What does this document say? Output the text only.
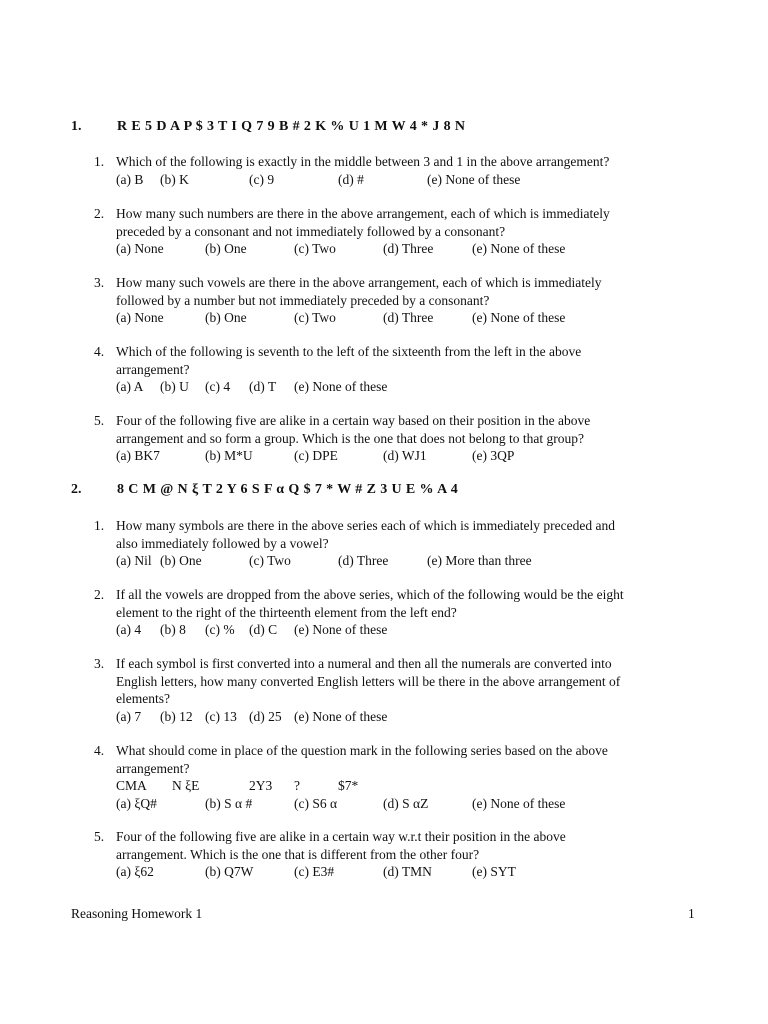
1.	R E 5 D A P $ 3 T I Q 7 9 B # 2 K % U 1 M W 4 * J 8 N
1. Which of the following is exactly in the middle between 3 and 1 in the above arrangement?
(a) B (b) K	(c) 9	(d) #	(e) None of these
2. How many such numbers are there in the above arrangement, each of which is immediately
preceded by a consonant and not immediately followed by a consonant?
(a) None	(b) One	(c) Two	(d) Three	(e) None of these
3. How many such vowels are there in the above arrangement, each of which is immediately
followed by a number but not immediately preceded by a consonant?
(a) None	(b) One	(c) Two	(d) Three	(e) None of these
4. Which of the following is seventh to the left of the sixteenth from the left in the above
arrangement?
(a) A (b) U (c) 4 (d) T (e) None of these
5. Four of the following five are alike in a certain way based on their position in the above
arrangement and so form a group. Which is the one that does not belong to that group?
(a) BK7	(b) M*U	(c) DPE	(d) WJ1	(e) 3QP
2.	8 C M @ N ξ T 2 Y 6 S F α Q $ 7 * W # Z 3 U E % A 4
1. How many symbols are there in the above series each of which is immediately preceded and
also immediately followed by a vowel?
(a) Nil (b) One	(c) Two	(d) Three	(e) More than three
2. If all the vowels are dropped from the above series, which of the following would be the eight
element to the right of the thirteenth element from the left end?
(a) 4 (b) 8 (c) % (d) C (e) None of these
3. If each symbol is first converted into a numeral and then all the numerals are converted into
English letters, how many converted English letters will be there in the above arrangement of
elements?
(a) 7 (b) 12 (c) 13 (d) 25 (e) None of these
4. What should come in place of the question mark in the following series based on the above
arrangement?
CMA N ξE	2Y3 ?	$7*
(a) ξQ#	(b) S α #	(c) S6 α	(d) S αZ	(e) None of these
5. Four of the following five are alike in a certain way w.r.t their position in the above
arrangement. Which is the one that is different from the other four?
(a) ξ62	(b) Q7W	(c) E3#	(d) TMN	(e) SYT
Reasoning Homework 1	1
